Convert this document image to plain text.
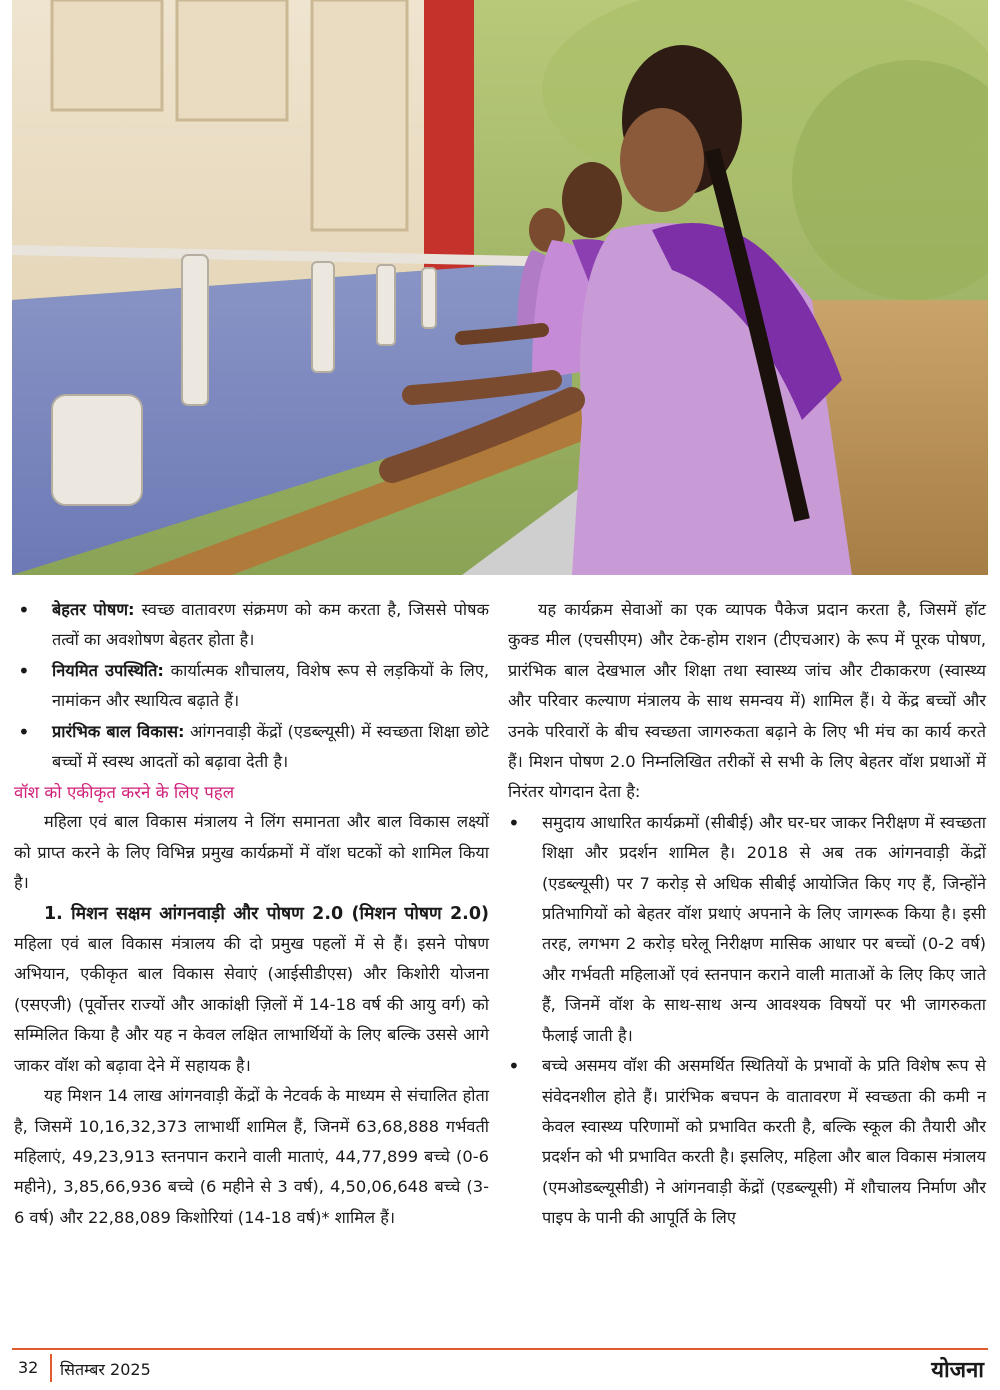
• बेहतर पोषण: स्वच्छ वातावरण संक्रमण को कम करता है, जिससे पोषक तत्वों का अवशोषण बेहतर होता है।

• नियमित उपस्थिति: कार्यात्मक शौचालय, विशेष रूप से लड़कियों के लिए, नामांकन और स्थायित्व बढ़ाते हैं।

• प्रारंभिक बाल विकास: आंगनवाड़ी केंद्रों (एडब्ल्यूसी) में स्वच्छता शिक्षा छोटे बच्चों में स्वस्थ आदतों को बढ़ावा देती है।

वॉश को एकीकृत करने के लिए पहल

महिला एवं बाल विकास मंत्रालय ने लिंग समानता और बाल विकास लक्ष्यों को प्राप्त करने के लिए विभिन्न प्रमुख कार्यक्रमों में वॉश घटकों को शामिल किया है।

1. मिशन सक्षम आंगनवाड़ी और पोषण 2.0 (मिशन पोषण 2.0) महिला एवं बाल विकास मंत्रालय की दो प्रमुख पहलों में से हैं। इसने पोषण अभियान, एकीकृत बाल विकास सेवाएं (आईसीडीएस) और किशोरी योजना (एसएजी) (पूर्वोत्तर राज्यों और आकांक्षी ज़िलों में 14-18 वर्ष की आयु वर्ग) को सम्मिलित किया है और यह न केवल लक्षित लाभार्थियों के लिए बल्कि उससे आगे जाकर वॉश को बढ़ावा देने में सहायक है।

यह मिशन 14 लाख आंगनवाड़ी केंद्रों के नेटवर्क के माध्यम से संचालित होता है, जिसमें 10,16,32,373 लाभार्थी शामिल हैं, जिनमें 63,68,888 गर्भवती महिलाएं, 49,23,913 स्तनपान कराने वाली माताएं, 44,77,899 बच्चे (0-6 महीने), 3,85,66,936 बच्चे (6 महीने से 3 वर्ष), 4,50,06,648 बच्चे (3-6 वर्ष) और 22,88,089 किशोरियां (14-18 वर्ष)* शामिल हैं।

यह कार्यक्रम सेवाओं का एक व्यापक पैकेज प्रदान करता है, जिसमें हॉट कुक्ड मील (एचसीएम) और टेक-होम राशन (टीएचआर) के रूप में पूरक पोषण, प्रारंभिक बाल देखभाल और शिक्षा तथा स्वास्थ्य जांच और टीकाकरण (स्वास्थ्य और परिवार कल्याण मंत्रालय के साथ समन्वय में) शामिल हैं। ये केंद्र बच्चों और उनके परिवारों के बीच स्वच्छता जागरुकता बढ़ाने के लिए भी मंच का कार्य करते हैं। मिशन पोषण 2.0 निम्नलिखित तरीकों से सभी के लिए बेहतर वॉश प्रथाओं में निरंतर योगदान देता है:

• समुदाय आधारित कार्यक्रमों (सीबीई) और घर-घर जाकर निरीक्षण में स्वच्छता शिक्षा और प्रदर्शन शामिल है। 2018 से अब तक आंगनवाड़ी केंद्रों (एडब्ल्यूसी) पर 7 करोड़ से अधिक सीबीई आयोजित किए गए हैं, जिन्होंने प्रतिभागियों को बेहतर वॉश प्रथाएं अपनाने के लिए जागरूक किया है। इसी तरह, लगभग 2 करोड़ घरेलू निरीक्षण मासिक आधार पर बच्चों (0-2 वर्ष) और गर्भवती महिलाओं एवं स्तनपान कराने वाली माताओं के लिए किए जाते हैं, जिनमें वॉश के साथ-साथ अन्य आवश्यक विषयों पर भी जागरुकता फैलाई जाती है।

• बच्चे असमय वॉश की असमर्थित स्थितियों के प्रभावों के प्रति विशेष रूप से संवेदनशील होते हैं। प्रारंभिक बचपन के वातावरण में स्वच्छता की कमी न केवल स्वास्थ्य परिणामों को प्रभावित करती है, बल्कि स्कूल की तैयारी और प्रदर्शन को भी प्रभावित करती है। इसलिए, महिला और बाल विकास मंत्रालय (एमओडब्ल्यूसीडी) ने आंगनवाड़ी केंद्रों (एडब्ल्यूसी) में शौचालय निर्माण और पाइप के पानी की आपूर्ति के लिए

32 सितम्बर 2025	योजना
